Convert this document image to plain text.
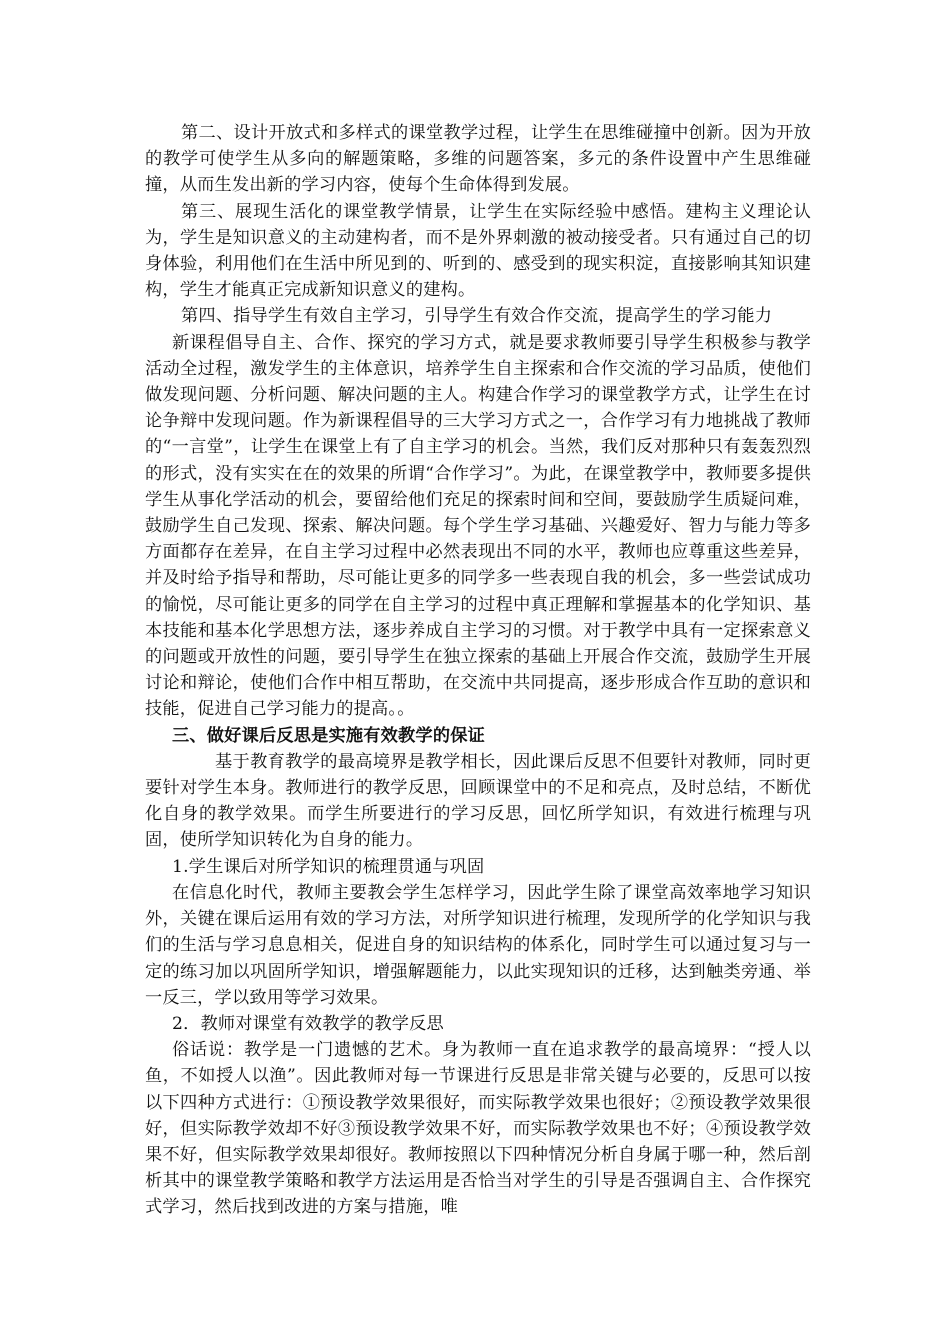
第二、设计开放式和多样式的课堂教学过程，让学生在思维碰撞中创新。因为开放的教学可使学生从多向的解题策略，多维的问题答案，多元的条件设置中产生思维碰撞，从而生发出新的学习内容，使每个生命体得到发展。

第三、展现生活化的课堂教学情景，让学生在实际经验中感悟。建构主义理论认为，学生是知识意义的主动建构者，而不是外界刺激的被动接受者。只有通过自己的切身体验，利用他们在生活中所见到的、听到的、感受到的现实积淀，直接影响其知识建构，学生才能真正完成新知识意义的建构。

第四、指导学生有效自主学习，引导学生有效合作交流，提高学生的学习能力

新课程倡导自主、合作、探究的学习方式，就是要求教师要引导学生积极参与教学活动全过程，激发学生的主体意识，培养学生自主探索和合作交流的学习品质，使他们做发现问题、分析问题、解决问题的主人。构建合作学习的课堂教学方式，让学生在讨论争辩中发现问题。作为新课程倡导的三大学习方式之一，合作学习有力地挑战了教师的“一言堂”，让学生在课堂上有了自主学习的机会。当然，我们反对那种只有轰轰烈烈的形式，没有实实在在的效果的所谓“合作学习”。为此，在课堂教学中，教师要多提供学生从事化学活动的机会，要留给他们充足的探索时间和空间，要鼓励学生质疑问难，鼓励学生自己发现、探索、解决问题。每个学生学习基础、兴趣爱好、智力与能力等多方面都存在差异，在自主学习过程中必然表现出不同的水平，教师也应尊重这些差异，并及时给予指导和帮助，尽可能让更多的同学多一些表现自我的机会，多一些尝试成功的愉悦，尽可能让更多的同学在自主学习的过程中真正理解和掌握基本的化学知识、基本技能和基本化学思想方法，逐步养成自主学习的习惯。对于教学中具有一定探索意义的问题或开放性的问题，要引导学生在独立探索的基础上开展合作交流，鼓励学生开展讨论和辩论，使他们合作中相互帮助，在交流中共同提高，逐步形成合作互助的意识和技能，促进自己学习能力的提高。。

三、做好课后反思是实施有效教学的保证

基于教育教学的最高境界是教学相长，因此课后反思不但要针对教师，同时更要针对学生本身。教师进行的教学反思，回顾课堂中的不足和亮点，及时总结，不断优化自身的教学效果。而学生所要进行的学习反思，回忆所学知识，有效进行梳理与巩固，使所学知识转化为自身的能力。

1.学生课后对所学知识的梳理贯通与巩固

在信息化时代，教师主要教会学生怎样学习，因此学生除了课堂高效率地学习知识外，关键在课后运用有效的学习方法，对所学知识进行梳理，发现所学的化学知识与我们的生活与学习息息相关，促进自身的知识结构的体系化，同时学生可以通过复习与一定的练习加以巩固所学知识，增强解题能力，以此实现知识的迁移，达到触类旁通、举一反三，学以致用等学习效果。

2．教师对课堂有效教学的教学反思

俗话说：教学是一门遗憾的艺术。身为教师一直在追求教学的最高境界：“授人以鱼，不如授人以渔”。因此教师对每一节课进行反思是非常关键与必要的，反思可以按以下四种方式进行：①预设教学效果很好，而实际教学效果也很好；②预设教学效果很好，但实际教学效却不好③预设教学效果不好，而实际教学效果也不好；④预设教学效果不好，但实际教学效果却很好。教师按照以下四种情况分析自身属于哪一种，然后剖析其中的课堂教学策略和教学方法运用是否恰当对学生的引导是否强调自主、合作探究式学习，然后找到改进的方案与措施，唯
